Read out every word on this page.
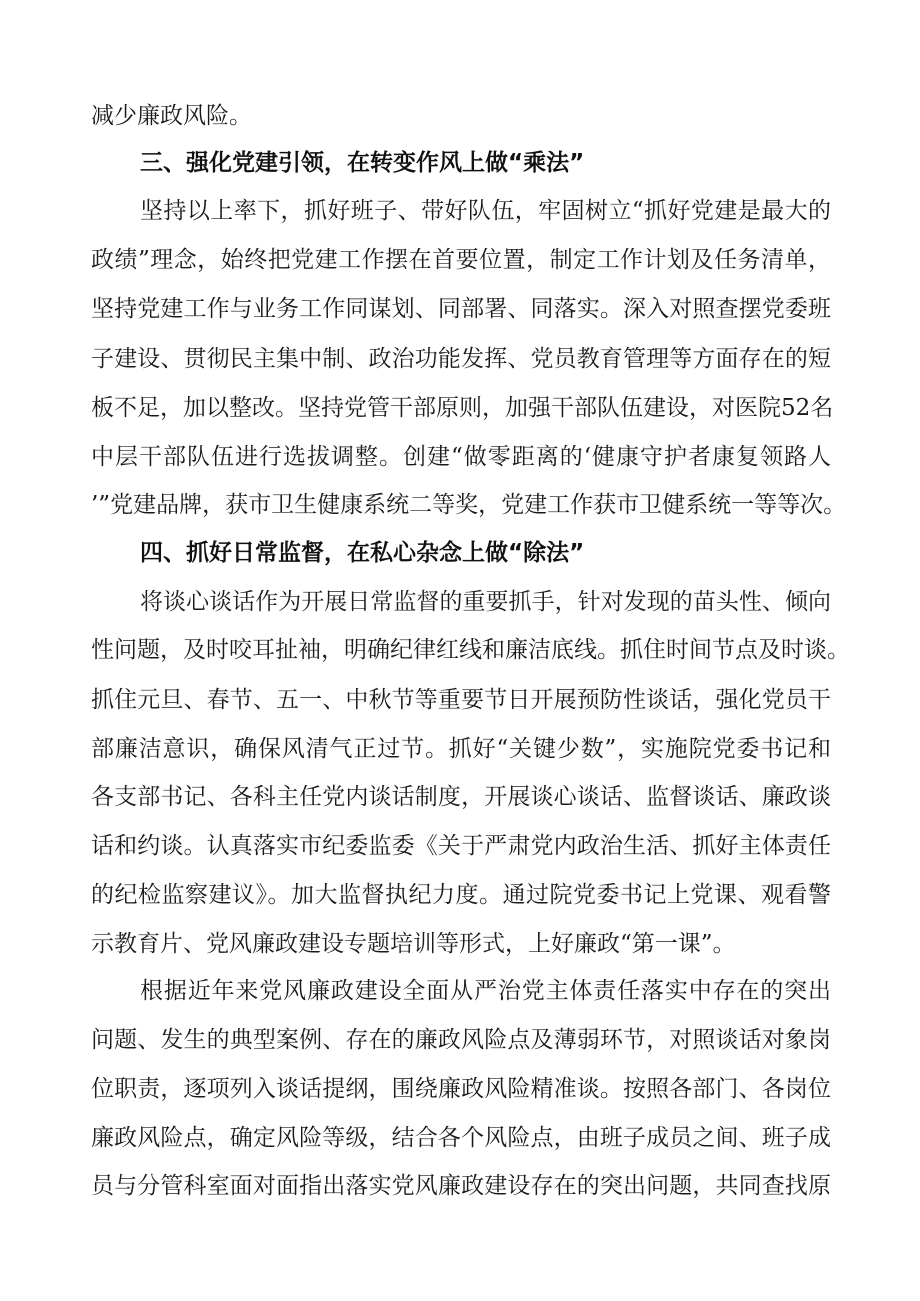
减少廉政风险。

三、强化党建引领，在转变作风上做“乘法”

坚持以上率下，抓好班子、带好队伍，牢固树立“抓好党建是最大的

政绩”理念，始终把党建工作摆在首要位置，制定工作计划及任务清单，

坚持党建工作与业务工作同谋划、同部署、同落实。深入对照查摆党委班

子建设、贯彻民主集中制、政治功能发挥、党员教育管理等方面存在的短

板不足，加以整改。坚持党管干部原则，加强干部队伍建设，对医院52名

中层干部队伍进行选拔调整。创建“做零距离的‘健康守护者康复领路人

’”党建品牌，获市卫生健康系统二等奖，党建工作获市卫健系统一等等次。

四、抓好日常监督，在私心杂念上做“除法”

将谈心谈话作为开展日常监督的重要抓手，针对发现的苗头性、倾向

性问题，及时咬耳扯袖，明确纪律红线和廉洁底线。抓住时间节点及时谈。

抓住元旦、春节、五一、中秋节等重要节日开展预防性谈话，强化党员干

部廉洁意识，确保风清气正过节。抓好“关键少数”，实施院党委书记和

各支部书记、各科主任党内谈话制度，开展谈心谈话、监督谈话、廉政谈

话和约谈。认真落实市纪委监委《关于严肃党内政治生活、抓好主体责任

的纪检监察建议》。加大监督执纪力度。通过院党委书记上党课、观看警

示教育片、党风廉政建设专题培训等形式，上好廉政“第一课”。

根据近年来党风廉政建设全面从严治党主体责任落实中存在的突出

问题、发生的典型案例、存在的廉政风险点及薄弱环节，对照谈话对象岗

位职责，逐项列入谈话提纲，围绕廉政风险精准谈。按照各部门、各岗位

廉政风险点，确定风险等级，结合各个风险点，由班子成员之间、班子成

员与分管科室面对面指出落实党风廉政建设存在的突出问题，共同查找原
